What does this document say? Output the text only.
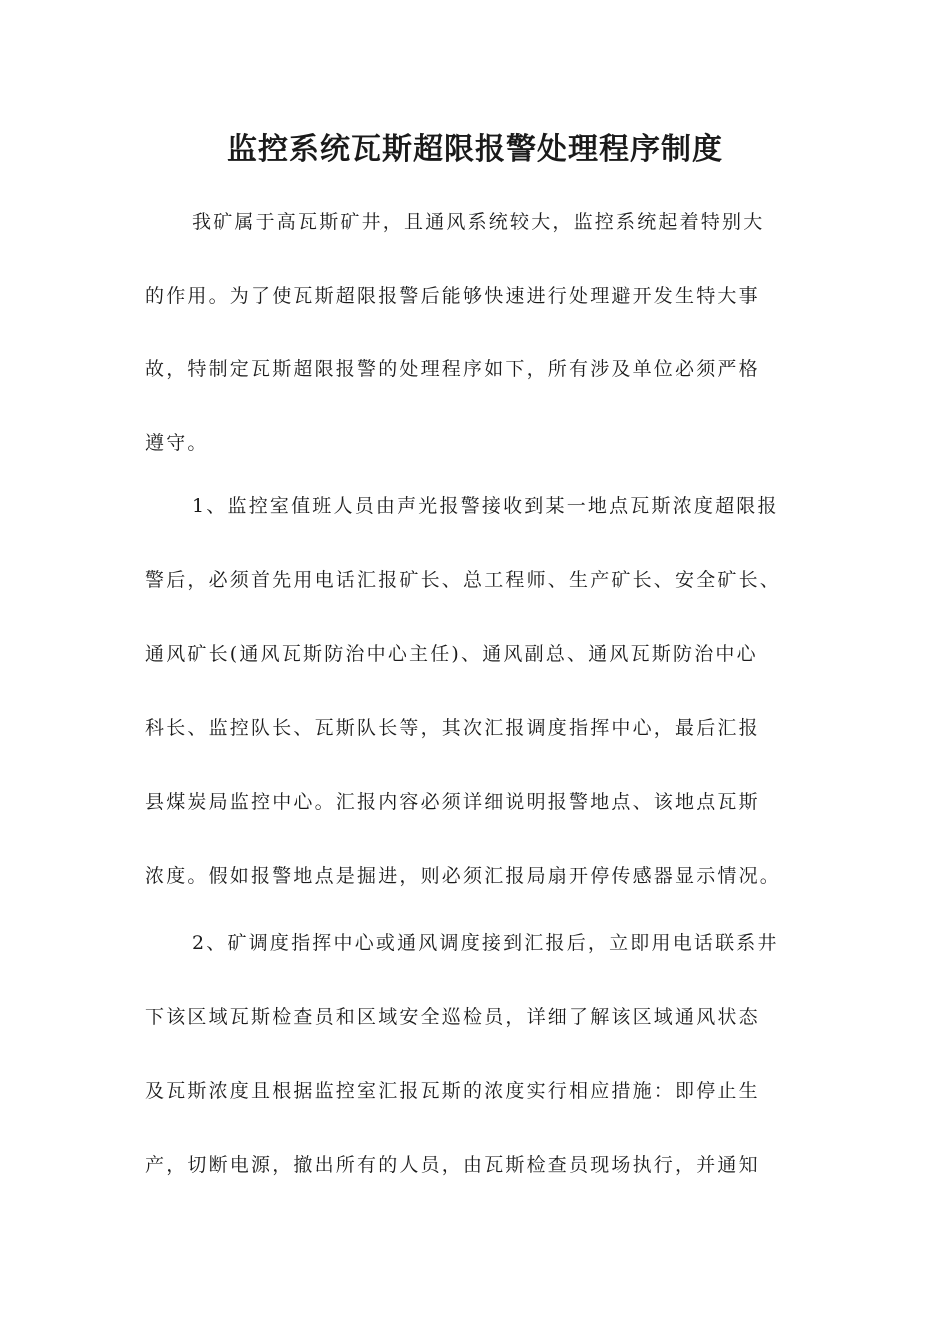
监控系统瓦斯超限报警处理程序制度

我矿属于高瓦斯矿井，且通风系统较大，监控系统起着特别大

的作用。为了使瓦斯超限报警后能够快速进行处理避开发生特大事

故，特制定瓦斯超限报警的处理程序如下，所有涉及单位必须严格

遵守。

1、监控室值班人员由声光报警接收到某一地点瓦斯浓度超限报

警后，必须首先用电话汇报矿长、总工程师、生产矿长、安全矿长、

通风矿长(通风瓦斯防治中心主任)、通风副总、通风瓦斯防治中心

科长、监控队长、瓦斯队长等，其次汇报调度指挥中心，最后汇报

县煤炭局监控中心。汇报内容必须详细说明报警地点、该地点瓦斯

浓度。假如报警地点是掘进，则必须汇报局扇开停传感器显示情况。

2、矿调度指挥中心或通风调度接到汇报后，立即用电话联系井

下该区域瓦斯检查员和区域安全巡检员，详细了解该区域通风状态

及瓦斯浓度且根据监控室汇报瓦斯的浓度实行相应措施：即停止生

产，切断电源，撤出所有的人员，由瓦斯检查员现场执行，并通知
